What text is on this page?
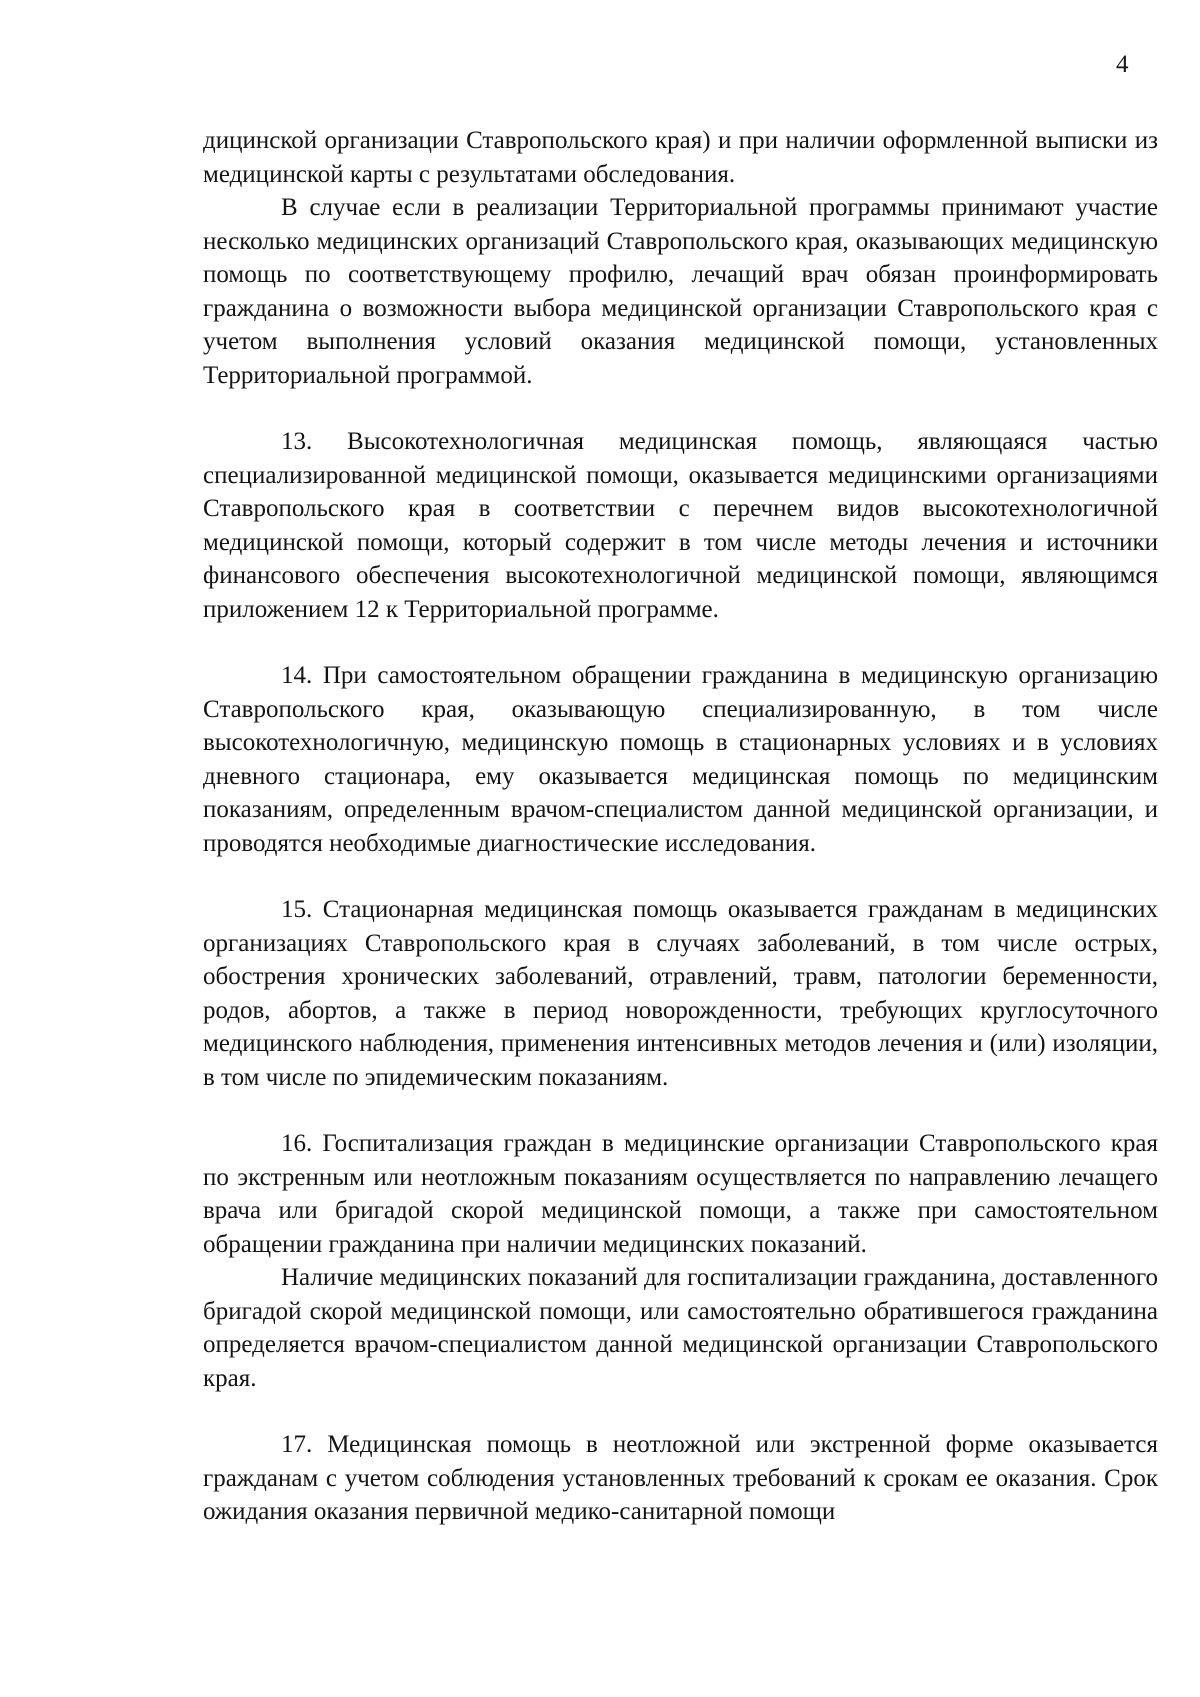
4

дицинской организации Ставропольского края) и при наличии оформленной выписки из медицинской карты с результатами обследования.

В случае если в реализации Территориальной программы принимают участие несколько медицинских организаций Ставропольского края, оказывающих медицинскую помощь по соответствующему профилю, лечащий врач обязан проинформировать гражданина о возможности выбора медицинской организации Ставропольского края с учетом выполнения условий оказания медицинской помощи, установленных Территориальной программой.

13. Высокотехнологичная медицинская помощь, являющаяся частью специализированной медицинской помощи, оказывается медицинскими организациями Ставропольского края в соответствии с перечнем видов высокотехнологичной медицинской помощи, который содержит в том числе методы лечения и источники финансового обеспечения высокотехнологичной медицинской помощи, являющимся приложением 12 к Территориальной программе.

14. При самостоятельном обращении гражданина в медицинскую организацию Ставропольского края, оказывающую специализированную, в том числе высокотехнологичную, медицинскую помощь в стационарных условиях и в условиях дневного стационара, ему оказывается медицинская помощь по медицинским показаниям, определенным врачом-специалистом данной медицинской организации, и проводятся необходимые диагностические исследования.

15. Стационарная медицинская помощь оказывается гражданам в медицинских организациях Ставропольского края в случаях заболеваний, в том числе острых, обострения хронических заболеваний, отравлений, травм, патологии беременности, родов, абортов, а также в период новорожденности, требующих круглосуточного медицинского наблюдения, применения интенсивных методов лечения и (или) изоляции, в том числе по эпидемическим показаниям.

16. Госпитализация граждан в медицинские организации Ставропольского края по экстренным или неотложным показаниям осуществляется по направлению лечащего врача или бригадой скорой медицинской помощи, а также при самостоятельном обращении гражданина при наличии медицинских показаний.

Наличие медицинских показаний для госпитализации гражданина, доставленного бригадой скорой медицинской помощи, или самостоятельно обратившегося гражданина определяется врачом-специалистом данной медицинской организации Ставропольского края.

17. Медицинская помощь в неотложной или экстренной форме оказывается гражданам с учетом соблюдения установленных требований к срокам ее оказания. Срок ожидания оказания первичной медико-санитарной помощи
